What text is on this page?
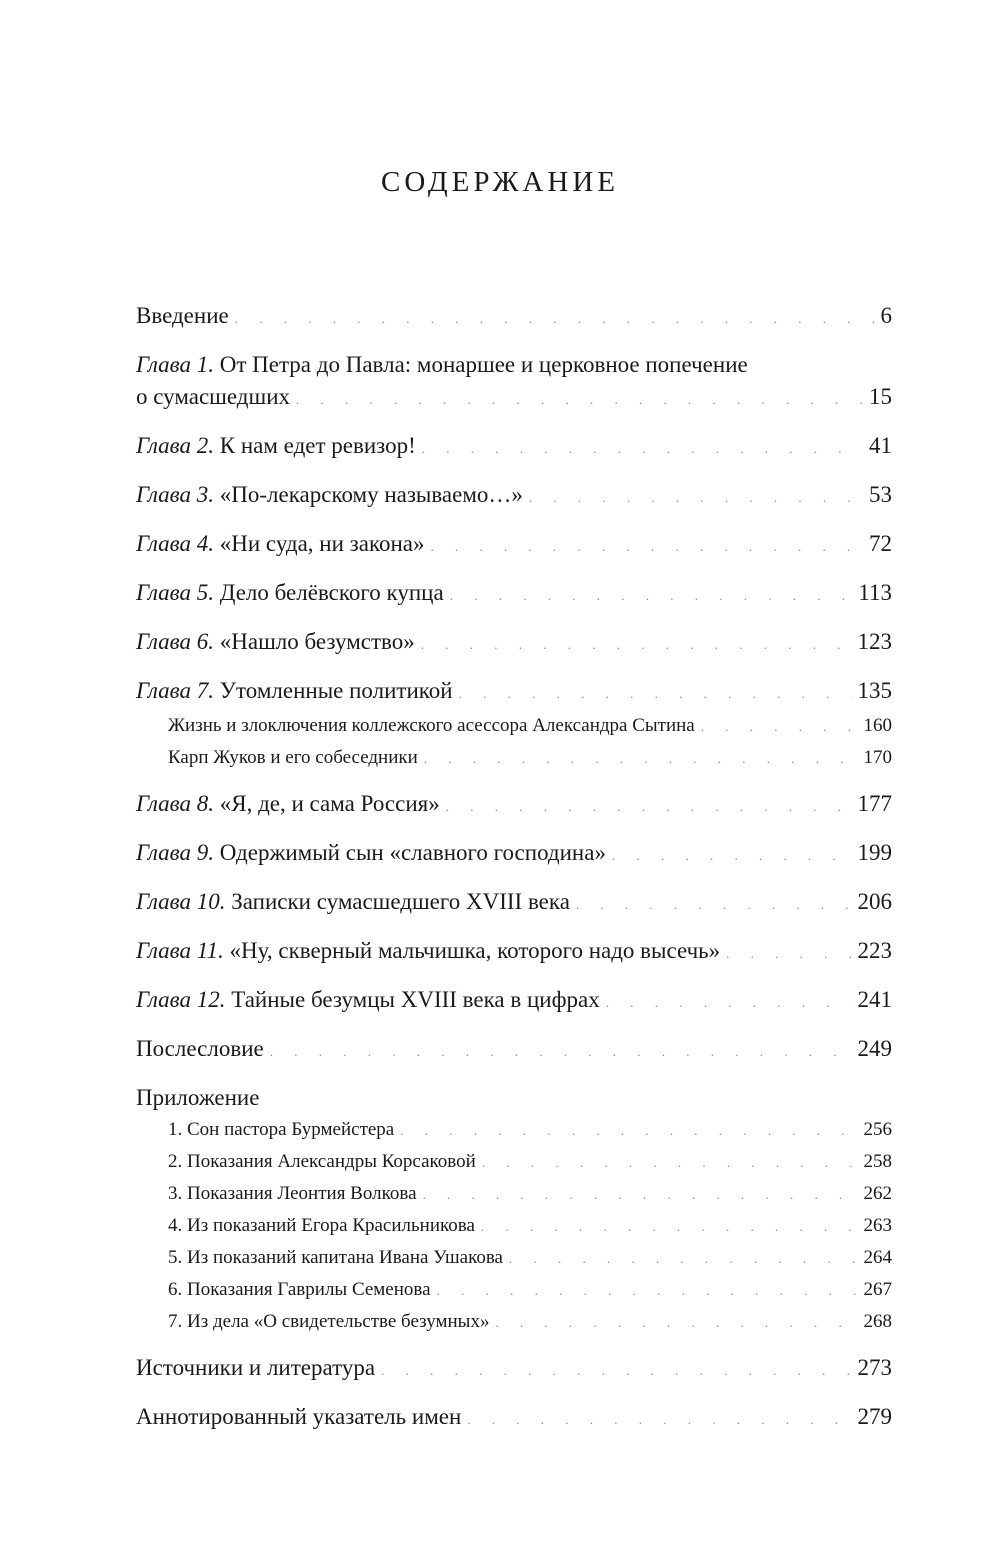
СОДЕРЖАНИЕ
Введение . . .	6
Глава 1. От Петра до Павла: монаршее и церковное попечение
о сумасшедших . . .	15
Глава 2. К нам едет ревизор! . . .	41
Глава 3. «По-лекарскому называемо…» . . .	53
Глава 4. «Ни суда, ни закона» . . .	72
Глава 5. Дело белёвского купца . . .	113
Глава 6. «Нашло безумство» . . .	123
Глава 7. Утомленные политикой . . .	135
Жизнь и злоключения коллежского асессора Александра Сытина . . .	160
Карп Жуков и его собеседники . . .	170
Глава 8. «Я, де, и сама Россия» . . .	177
Глава 9. Одержимый сын «славного господина» . . .	199
Глава 10. Записки сумасшедшего XVIII века . . .	206
Глава 11. «Ну, скверный мальчишка, которого надо высечь» . . .	223
Глава 12. Тайные безумцы XVIII века в цифрах . . .	241
Послесловие . . .	249
Приложение
1. Сон пастора Бурмейстера . . .	256
2. Показания Александры Корсаковой . . .	258
3. Показания Леонтия Волкова . . .	262
4. Из показаний Егора Красильникова . . .	263
5. Из показаний капитана Ивана Ушакова . . .	264
6. Показания Гаврилы Семенова . . .	267
7. Из дела «О свидетельстве безумных» . . .	268
Источники и литература . . .	273
Аннотированный указатель имен . . .	279
